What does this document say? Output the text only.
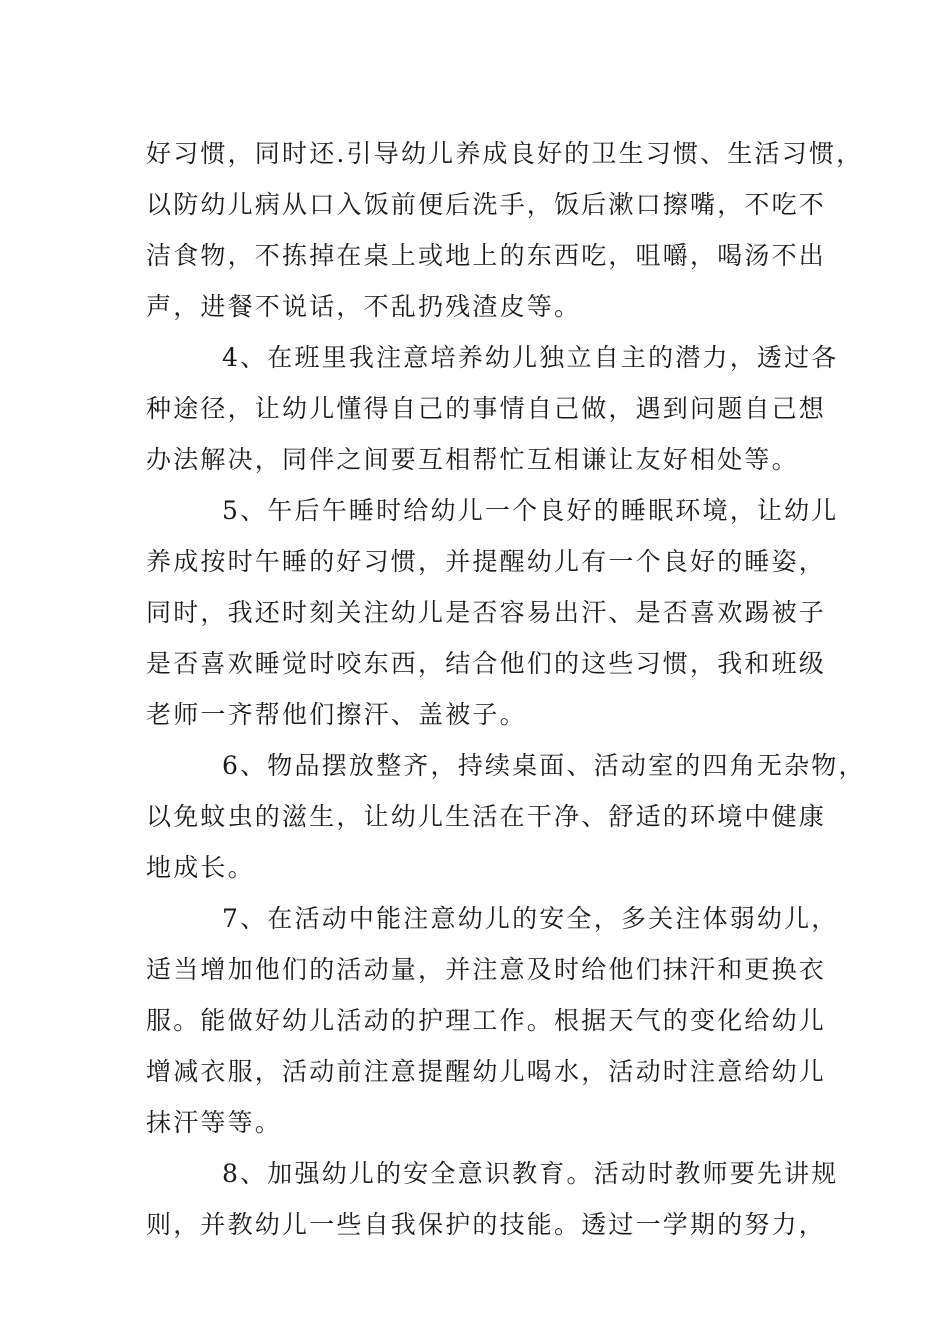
好习惯，同时还.引导幼儿养成良好的卫生习惯、生活习惯，
以防幼儿病从口入饭前便后洗手，饭后漱口擦嘴，不吃不
洁食物，不拣掉在桌上或地上的东西吃，咀嚼，喝汤不出
声，进餐不说话，不乱扔残渣皮等。
4、在班里我注意培养幼儿独立自主的潜力，透过各
种途径，让幼儿懂得自己的事情自己做，遇到问题自己想
办法解决，同伴之间要互相帮忙互相谦让友好相处等。
5、午后午睡时给幼儿一个良好的睡眠环境，让幼儿
养成按时午睡的好习惯，并提醒幼儿有一个良好的睡姿，
同时，我还时刻关注幼儿是否容易出汗、是否喜欢踢被子
是否喜欢睡觉时咬东西，结合他们的这些习惯，我和班级
老师一齐帮他们擦汗、盖被子。
6、物品摆放整齐，持续桌面、活动室的四角无杂物，
以免蚊虫的滋生，让幼儿生活在干净、舒适的环境中健康
地成长。
7、在活动中能注意幼儿的安全，多关注体弱幼儿，
适当增加他们的活动量，并注意及时给他们抹汗和更换衣
服。能做好幼儿活动的护理工作。根据天气的变化给幼儿
增减衣服，活动前注意提醒幼儿喝水，活动时注意给幼儿
抹汗等等。
8、加强幼儿的安全意识教育。活动时教师要先讲规
则，并教幼儿一些自我保护的技能。透过一学期的努力，
